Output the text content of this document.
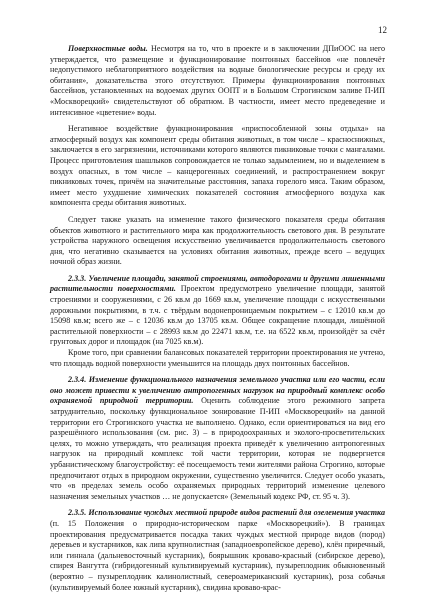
12

Поверхностные воды. Несмотря на то, что в проекте и в заключении ДПиООС на него утверждается, что размещение и функционирование понтонных бассейнов «не повлечёт недопустимого неблагоприятного воздействия на водные биологические ресурсы и среду их обитания», доказательства этого отсутствуют. Примеры функционирования понтонных бассейнов, установленных на водоемах других ООПТ и в Большом Строгинском заливе П-ИП «Москворецкий» свидетельствуют об обратном. В частности, имеет место предеведение и интенсивное «цветение» воды.

Негативное воздействие функционирования «приспособленной зоны отдыха» на атмосферный воздух как компонент среды обитания животных, в том числе – красноснижных, заключается в его загрязнении, источниками которого являются пикниковые точки с мангалами. Процесс приготовления шашлыков сопровождается не только задымлением, но и выделением в воздух опасных, в том числе – канцерогенных соединений, и распространением вокруг пикниковых точек, причём на значительные расстояния, запаха горелого мяса. Таким образом, имеет место ухудшение химических показателей состояния атмосферного воздуха как компонента среды обитания животных.

Следует также указать на изменение такого физического показателя среды обитания объектов животного и растительного мира как продолжительность светового дня. В результате устройства наружного освещения искусственно увеличивается продолжительность светового дня, что негативно сказывается на условиях обитания животных, прежде всего – ведущих ночной образ жизни.

2.3.3. Увеличение площади, занятой строениями, автодорогами и другими лишенными растительности поверхностями. Проектом предусмотрено увеличение площади, занятой строениями и сооружениями, с 26 кв.м до 1669 кв.м, увеличение площади с искусственными дорожными покрытиями, в т.ч. с твёрдым водонепроницаемым покрытием – с 12010 кв.м до 15098 кв.м; всего же – с 12036 кв.м до 13705 кв.м. Общее сокращение площади, лишённой растительной поверхности – с 28993 кв.м до 22471 кв.м, т.е. на 6522 кв.м, произойдёт за счёт грунтовых дорог и площадок (на 7025 кв.м).

Кроме того, при сравнении балансовых показателей территории проектирования не учтено, что площадь водной поверхности уменьшится на площадь двух понтонных бассейнов.

2.3.4. Изменение функционального назначения земельного участка или его части, если оно может привести к увеличению антропогенных нагрузок на природный комплекс особо охраняемой природной территории. Оценить соблюдение этого режимного запрета затруднительно, поскольку функциональное зонирование П-ИП «Москворецкий» на данной территории его Строгинского участка не выполнено. Однако, если ориентироваться на вид его разрешённого использования (см. рис. 3) – в природоохранных и эколого-просветительских целях, то можно утверждать, что реализация проекта приведёт к увеличению антропогенных нагрузок на природный комплекс той части территории, которая не подвергнется урбанистическому благоустройству: её посещаемость теми жителями района Строгино, которые предпочитают отдых в природном окружении, существенно увеличится. Следует особо указать, что «в пределах земель особо охраняемых природных территорий изменение целевого назначения земельных участков … не допускается» (Земельный кодекс РФ, ст. 95 ч. 3).

2.3.5. Использование чуждых местной природе видов растений для озеленения участка (п. 15 Положения о природно-историческом парке «Москворецкий»). В границах проектирования предусматривается посадка таких чуждых местной природе видов (пород) деревьев и кустарников, как липа крупнолистная (западноевропейское дерево), клён приречный, или гиннала (дальневосточный кустарник), боярышник кроваво-красный (сибирское дерево), спирея Вангутта (гибридогенный культивируемый кустарник), пузыреплодник обыкновенный (вероятно – пузыреплодник калинолистный, североамериканский кустарник), роза собачья (культивируемый более южный кустарник), свидина кроваво-крас-
